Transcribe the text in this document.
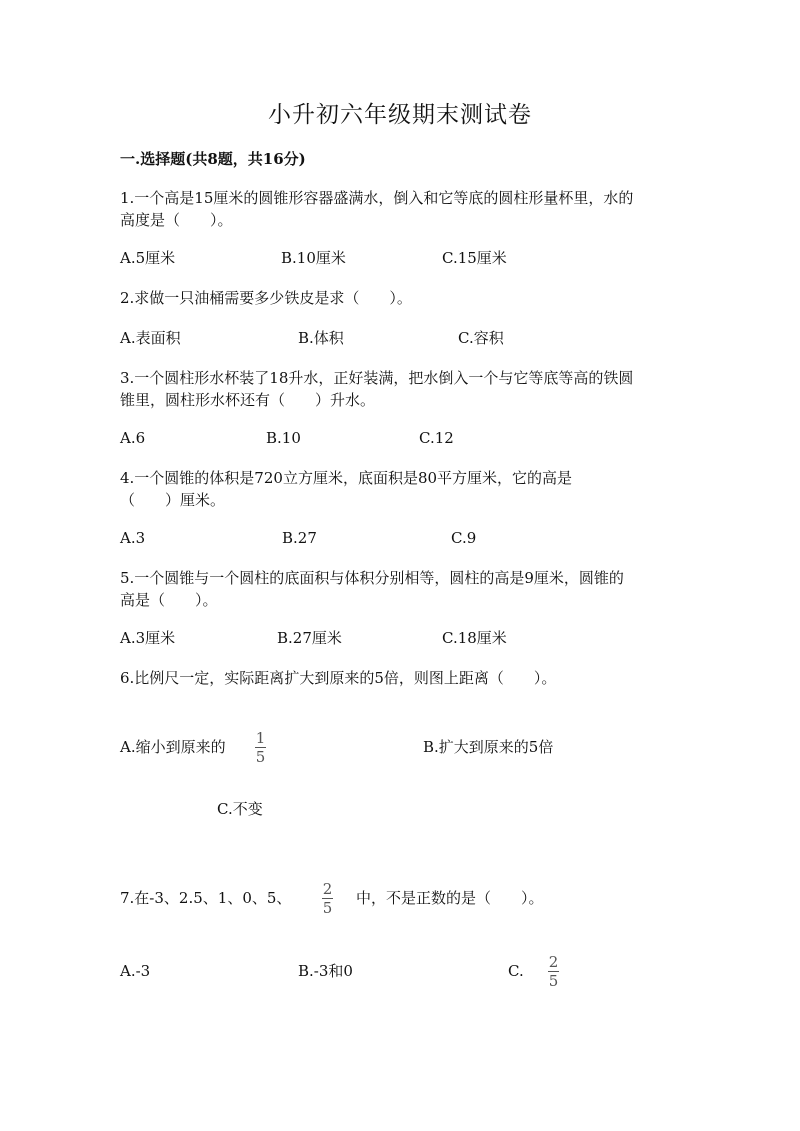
小升初六年级期末测试卷
一.选择题(共8题，共16分)
1.一个高是15厘米的圆锥形容器盛满水，倒入和它等底的圆柱形量杯里，水的
高度是（　　）。
A.5厘米	B.10厘米	C.15厘米
2.求做一只油桶需要多少铁皮是求（　　）。
A.表面积	B.体积	C.容积
3.一个圆柱形水杯装了18升水，正好装满，把水倒入一个与它等底等高的铁圆
锥里，圆柱形水杯还有（　　）升水。
A.6	B.10	C.12
4.一个圆锥的体积是720立方厘米，底面积是80平方厘米，它的高是
（　　）厘米。
A.3	B.27	C.9
5.一个圆锥与一个圆柱的底面积与体积分别相等，圆柱的高是9厘米，圆锥的
高是（　　）。
A.3厘米	B.27厘米	C.18厘米
6.比例尺一定，实际距离扩大到原来的5倍，则图上距离（　　）。
A.缩小到原来的 1
5
B.扩大到原来的5倍
C.不变
7.在-3、2.5、1、0、5、 2
5
中，不是正数的是（　　）。
A.-3	B.-3和0	C. 2
5
